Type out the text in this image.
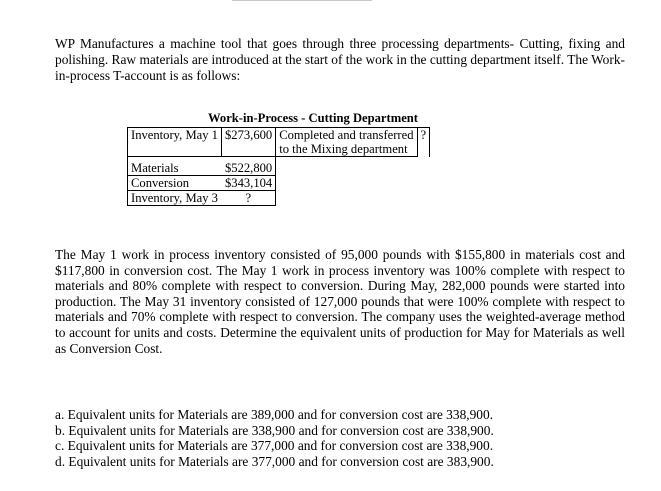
WP Manufactures a machine tool that goes through three processing departments- Cutting, fixing and polishing. Raw materials are introduced at the start of the work in the cutting department itself. The Work-in-process T-account is as follows:

Work-in-Process - Cutting Department
Inventory, May 1	$273,600	Completed and transferred
to the Mixing department	?

Materials	$522,800		
Conversion	$343,104		
Inventory, May 3	?		

The May 1 work in process inventory consisted of 95,000 pounds with $155,800 in materials cost and $117,800 in conversion cost. The May 1 work in process inventory was 100% complete with respect to materials and 80% complete with respect to conversion. During May, 282,000 pounds were started into production. The May 31 inventory consisted of 127,000 pounds that were 100% complete with respect to materials and 70% complete with respect to conversion. The company uses the weighted-average method to account for units and costs. Determine the equivalent units of production for May for Materials as well as Conversion Cost.

a. Equivalent units for Materials are 389,000 and for conversion cost are 338,900.
b. Equivalent units for Materials are 338,900 and for conversion cost are 338,900.
c. Equivalent units for Materials are 377,000 and for conversion cost are 338,900.
d. Equivalent units for Materials are 377,000 and for conversion cost are 383,900.
